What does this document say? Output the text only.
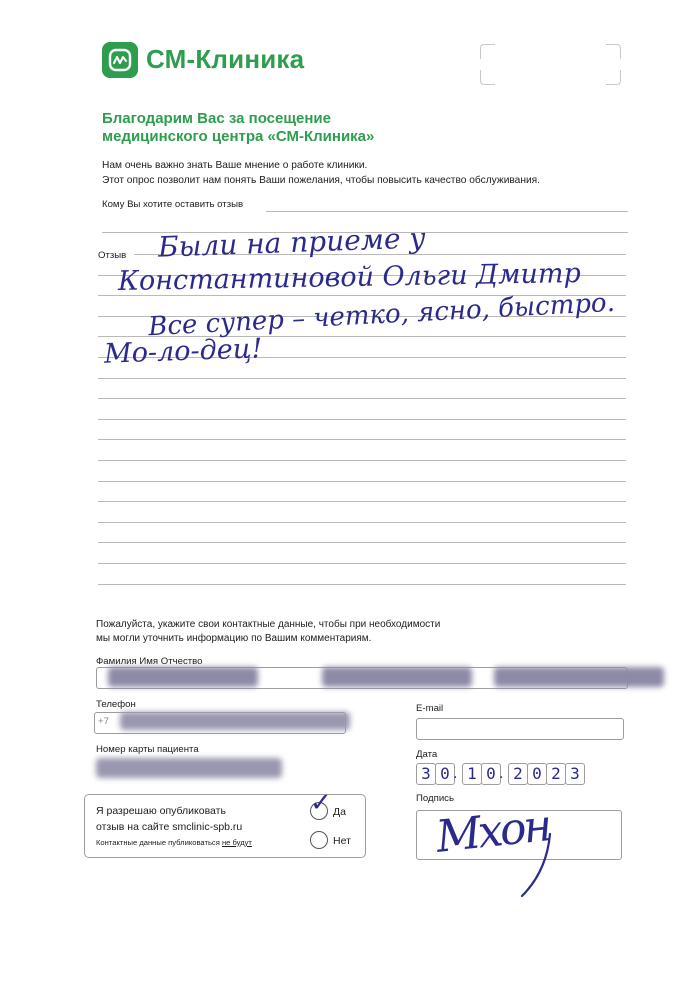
СМ-Клиника
Благодарим Вас за посещение
медицинского центра «СМ-Клиника»
Нам очень важно знать Ваше мнение о работе клиники.
Этот опрос позволит нам понять Ваши пожелания, чтобы повысить качество обслуживания.
Кому Вы хотите оставить отзыв
Отзыв Были на приеме у
Константиновой Ольги Дмитр
Все супер – четко, ясно, быстро.
Мо-ло-дец!
Пожалуйста, укажите свои контактные данные, чтобы при необходимости
мы могли уточнить информацию по Вашим комментариям.
Фамилия Имя Отчество
Телефон
+7
E-mail
Номер карты пациента	Дата
3 0 . 1 0 . 2 0 2 3
Я разрешаю опубликовать
отзыв на сайте smclinic-spb.ru
Контактные данные публиковаться не будут
✓ Да
Нет
Подпись
Мхон
